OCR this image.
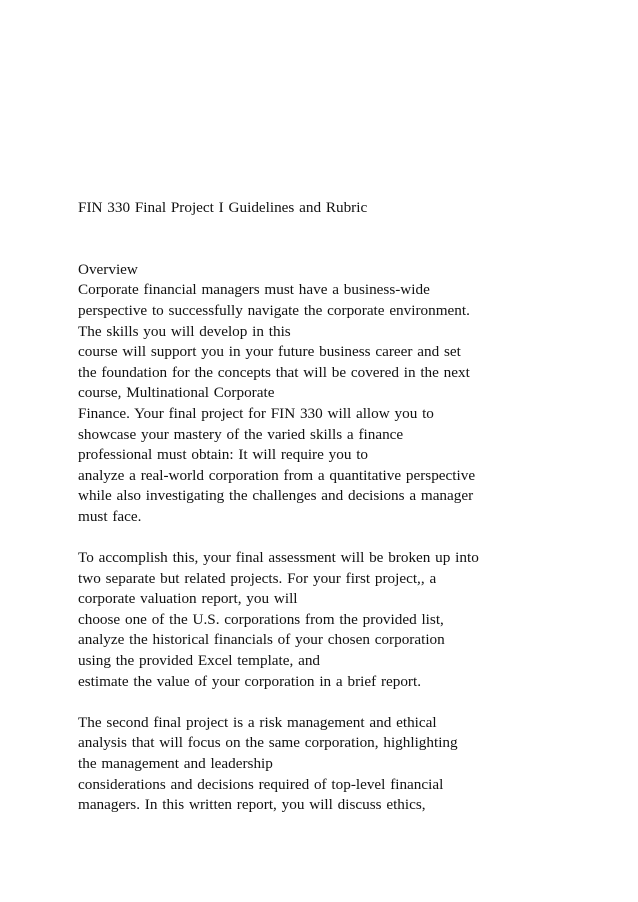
FIN 330 Final Project I Guidelines and Rubric
Overview
Corporate financial managers must have a business-wide
perspective to successfully navigate the corporate environment.
The skills you will develop in this
course will support you in your future business career and set
the foundation for the concepts that will be covered in the next
course, Multinational Corporate
Finance. Your final project for FIN 330 will allow you to
showcase your mastery of the varied skills a finance
professional must obtain: It will require you to
analyze a real-world corporation from a quantitative perspective
while also investigating the challenges and decisions a manager
must face.
To accomplish this, your final assessment will be broken up into
two separate but related projects. For your first project,, a
corporate valuation report, you will
choose one of the U.S. corporations from the provided list,
analyze the historical financials of your chosen corporation
using the provided Excel template, and
estimate the value of your corporation in a brief report.
The second final project is a risk management and ethical
analysis that will focus on the same corporation, highlighting
the management and leadership
considerations and decisions required of top-level financial
managers. In this written report, you will discuss ethics,
